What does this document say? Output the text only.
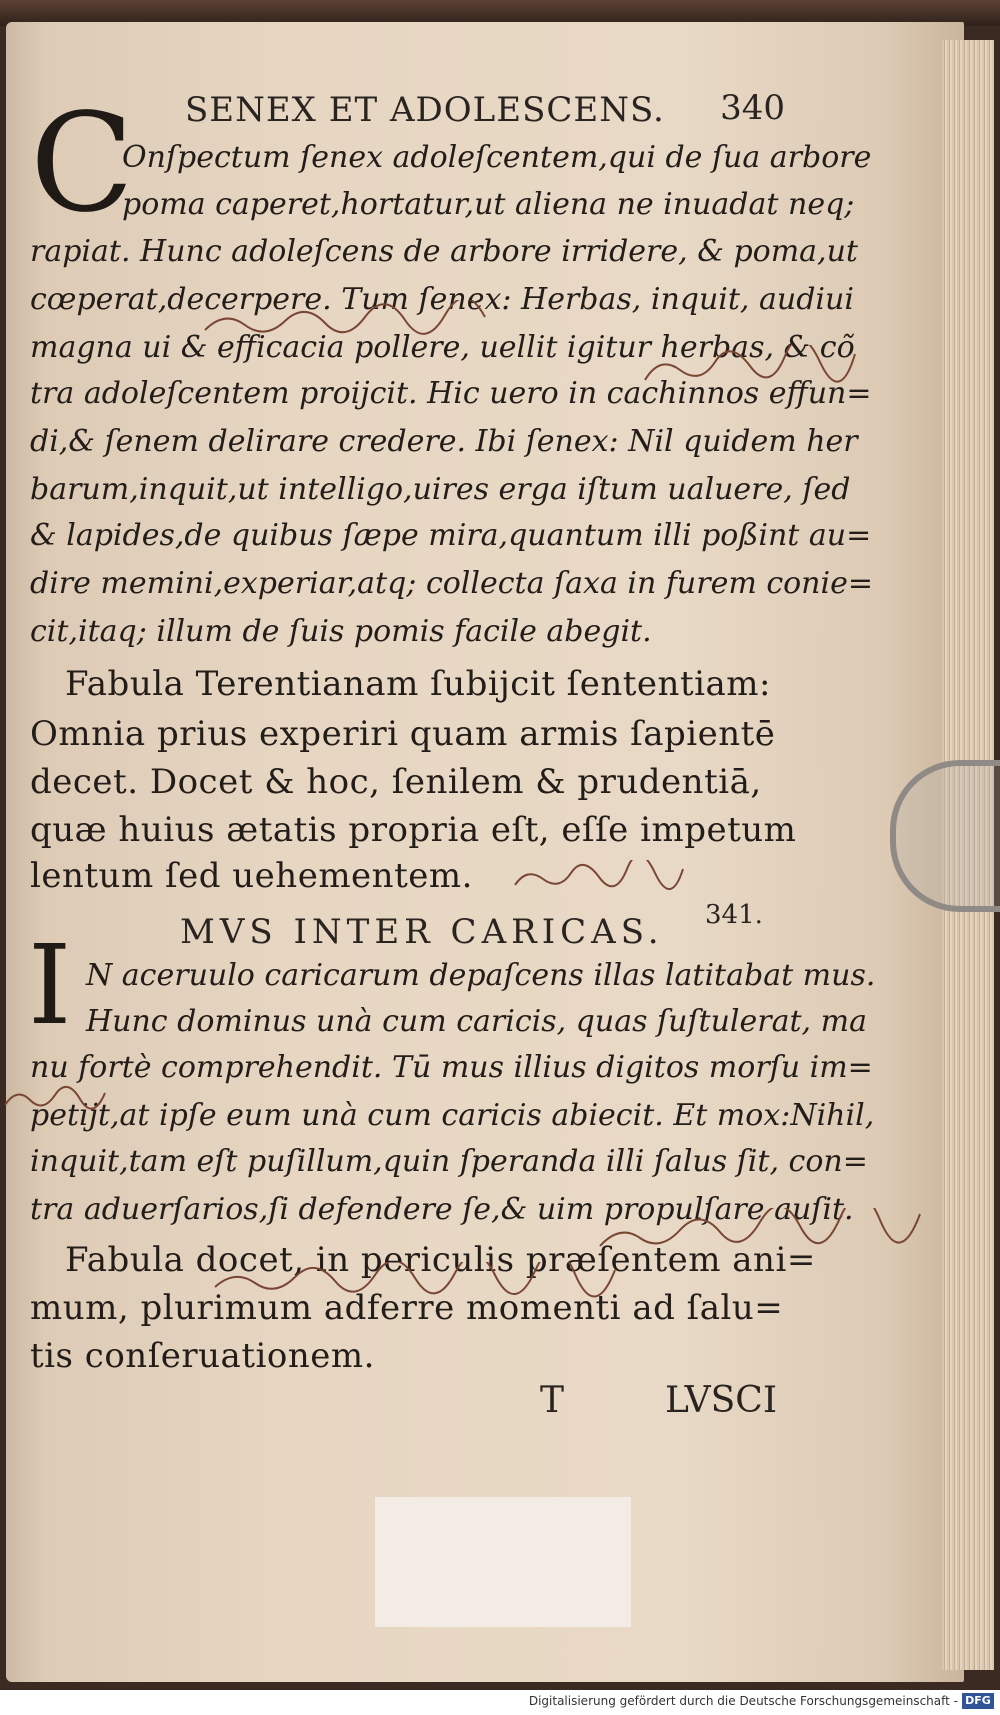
SENEX ET ADOLESCENS. 340
C
Onſpectum ſenex adoleſcentem,qui de ſua arbore
poma caperet,hortatur,ut aliena ne inuadat neq;
rapiat. Hunc adoleſcens de arbore irridere, & poma,ut
cœperat,decerpere. Tum ſenex: Herbas, inquit, audiui
magna ui & efficacia pollere, uellit igitur herbas, & cõ
tra adoleſcentem proijcit. Hic uero in cachinnos effun=
di,& ſenem delirare credere. Ibi ſenex: Nil quidem her
barum,inquit,ut intelligo,uires erga iſtum ualuere, ſed
& lapides,de quibus ſæpe mira,quantum illi poßint au=
dire memini,experiar,atq; collecta ſaxa in furem conie=
cit,itaq; illum de ſuis pomis facile abegit.
Fabula Terentianam ſubijcit ſententiam:
Omnia prius experiri quam armis ſapientē
decet. Docet & hoc, ſenilem & prudentiā,
quæ huius ætatis propria eſt, eſſe impetum
lentum ſed uehementem.
MVS INTER CARICAS. 341.
I N aceruulo caricarum depaſcens illas latitabat mus.
Hunc dominus unà cum caricis, quas ſuſtulerat, ma
nu fortè comprehendit. Tū mus illius digitos morſu im=
petijt,at ipſe eum unà cum caricis abiecit. Et mox:Nihil,
inquit,tam eſt puſillum,quin ſperanda illi ſalus ſit, con=
tra aduerſarios,ſi defendere ſe,& uim propulſare auſit.
Fabula docet, in periculis præſentem ani=
mum, plurimum adferre momenti ad ſalu=
tis conſeruationem.
T	LVSCI
Digitalisierung gefördert durch die Deutsche Forschungsgemeinschaft - DFG
